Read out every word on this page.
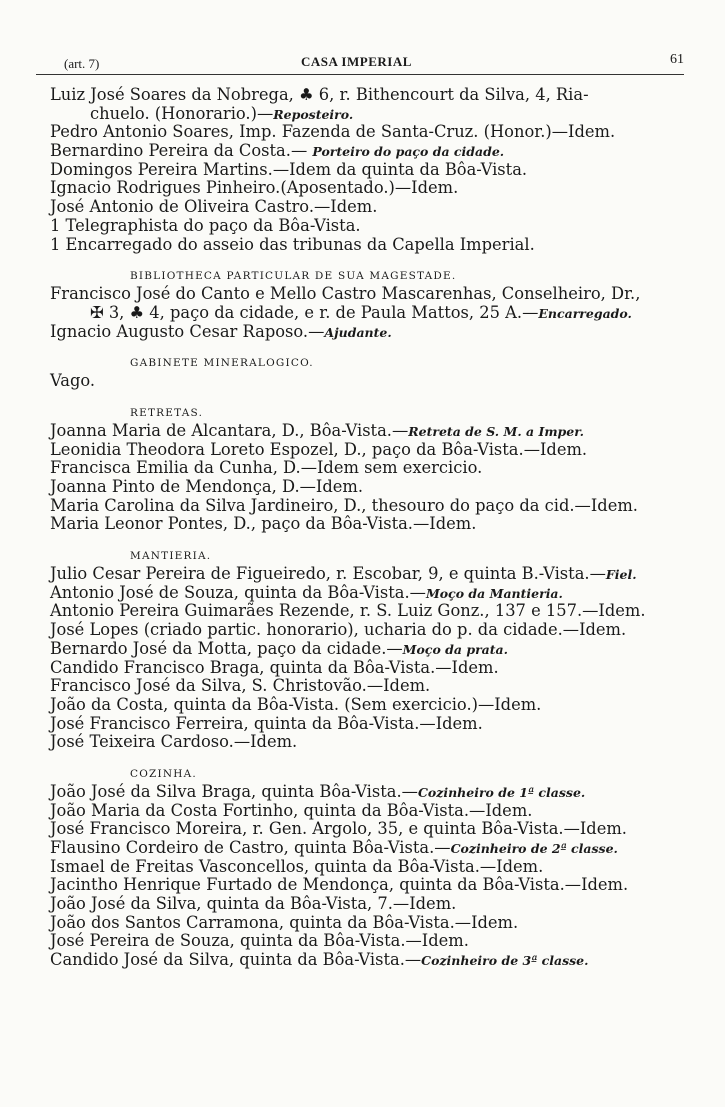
(art. 7)	CASA IMPERIAL	61
Luiz José Soares da Nobrega, ♣ 6, r. Bithencourt da Silva, 4, Ria-
chuelo. (Honorario.)—Reposteiro.
Pedro Antonio Soares, Imp. Fazenda de Santa-Cruz. (Honor.)—Idem.
Bernardino Pereira da Costa.— Porteiro do paço da cidade.
Domingos Pereira Martins.—Idem da quinta da Bôa-Vista.
Ignacio Rodrigues Pinheiro.(Aposentado.)—Idem.
José Antonio de Oliveira Castro.—Idem.
1 Telegraphista do paço da Bôa-Vista.
1 Encarregado do asseio das tribunas da Capella Imperial.
BIBLIOTHECA PARTICULAR DE SUA MAGESTADE.
Francisco José do Canto e Mello Castro Mascarenhas, Conselheiro, Dr.,
✠ 3, ♣ 4, paço da cidade, e r. de Paula Mattos, 25 A.—Encarregado.
Ignacio Augusto Cesar Raposo.—Ajudante.
GABINETE MINERALOGICO.
Vago.
RETRETAS.
Joanna Maria de Alcantara, D., Bôa-Vista.—Retreta de S. M. a Imper.
Leonidia Theodora Loreto Espozel, D., paço da Bôa-Vista.—Idem.
Francisca Emilia da Cunha, D.—Idem sem exercicio.
Joanna Pinto de Mendonça, D.—Idem.
Maria Carolina da Silva Jardineiro, D., thesouro do paço da cid.—Idem.
Maria Leonor Pontes, D., paço da Bôa-Vista.—Idem.
MANTIERIA.
Julio Cesar Pereira de Figueiredo, r. Escobar, 9, e quinta B.-Vista.—Fiel.
Antonio José de Souza, quinta da Bôa-Vista.—Moço da Mantieria.
Antonio Pereira Guimarães Rezende, r. S. Luiz Gonz., 137 e 157.—Idem.
José Lopes (criado partic. honorario), ucharia do p. da cidade.—Idem.
Bernardo José da Motta, paço da cidade.—Moço da prata.
Candido Francisco Braga, quinta da Bôa-Vista.—Idem.
Francisco José da Silva, S. Christovão.—Idem.
João da Costa, quinta da Bôa-Vista. (Sem exercicio.)—Idem.
José Francisco Ferreira, quinta da Bôa-Vista.—Idem.
José Teixeira Cardoso.—Idem.
COZINHA.
João José da Silva Braga, quinta Bôa-Vista.—Cozinheiro de 1ª classe.
João Maria da Costa Fortinho, quinta da Bôa-Vista.—Idem.
José Francisco Moreira, r. Gen. Argolo, 35, e quinta Bôa-Vista.—Idem.
Flausino Cordeiro de Castro, quinta Bôa-Vista.—Cozinheiro de 2ª classe.
Ismael de Freitas Vasconcellos, quinta da Bôa-Vista.—Idem.
Jacintho Henrique Furtado de Mendonça, quinta da Bôa-Vista.—Idem.
João José da Silva, quinta da Bôa-Vista, 7.—Idem.
João dos Santos Carramona, quinta da Bôa-Vista.—Idem.
José Pereira de Souza, quinta da Bôa-Vista.—Idem.
Candido José da Silva, quinta da Bôa-Vista.—Cozinheiro de 3ª classe.
